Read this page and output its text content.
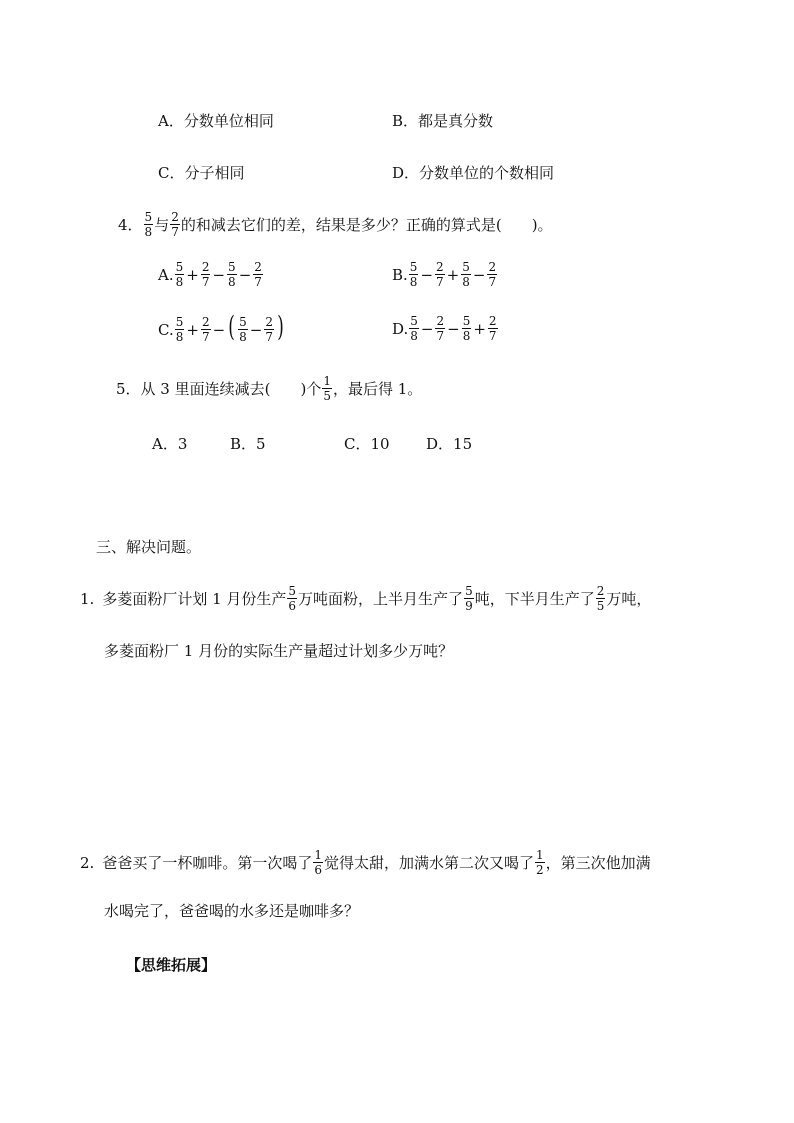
A．分数单位相同	B．都是真分数
C．分子相同	D．分数单位的个数相同
4． $\frac{5}{8}$ 与 $\frac{2}{7}$ 的和减去它们的差，结果是多少？正确的算式是(　　)。
A. $\frac{5}{8} + \frac{2}{7} - \frac{5}{8} - \frac{2}{7}$	B. $\frac{5}{8} - \frac{2}{7} + \frac{5}{8} - \frac{2}{7}$
C. $\frac{5}{8} + \frac{2}{7}$ − ( $\frac{5}{8} - \frac{2}{7}$ )	D. $\frac{5}{8} - \frac{2}{7} - \frac{5}{8} + \frac{2}{7}$
5．从 3 里面连续减去(　　)个 $\frac{1}{5}$ ，最后得 1。
A．3	B．5	C．10 D．15
三、解决问题。
1. 多菱面粉厂计划 1 月份生产 $\frac{5}{6}$ 万吨面粉，上半月生产了 $\frac{5}{9}$ 吨，下半月生产了 $\frac{2}{5}$ 万吨，
多菱面粉厂 1 月份的实际生产量超过计划多少万吨？
2. 爸爸买了一杯咖啡。第一次喝了 $\frac{1}{6}$ 觉得太甜，加满水第二次又喝了 $\frac{1}{2}$ ，第三次他加满
水喝完了，爸爸喝的水多还是咖啡多？
【思维拓展】
